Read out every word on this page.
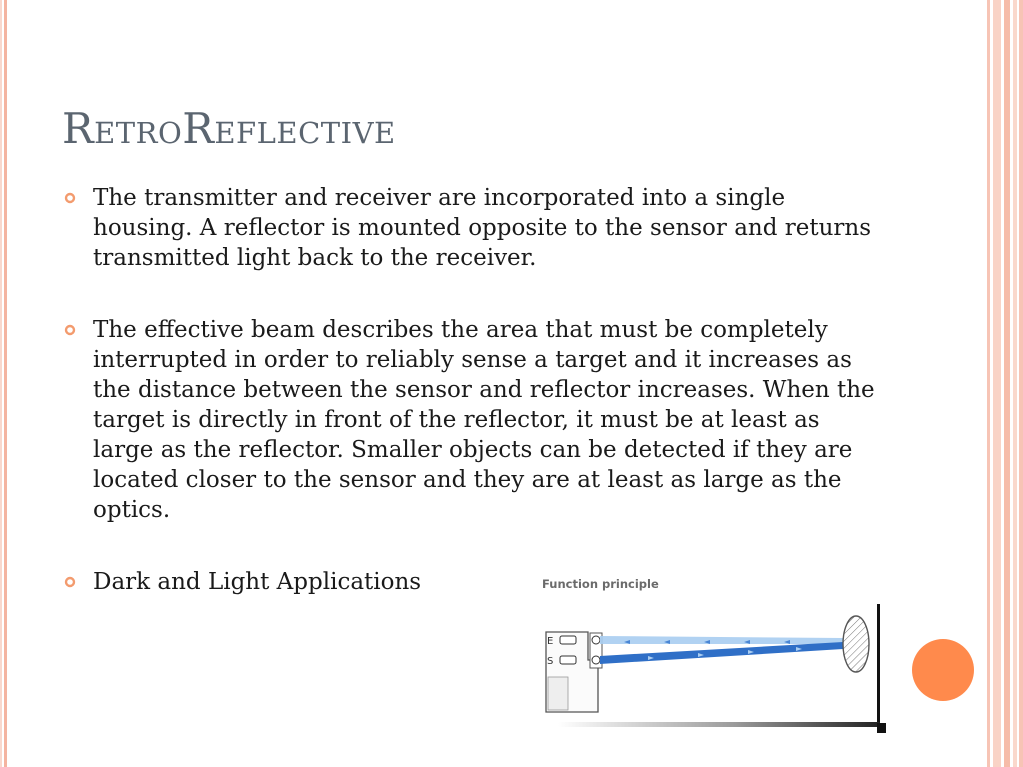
RetroReflective
The transmitter and receiver are incorporated into a single housing. A reflector is mounted opposite to the sensor and returns transmitted light back to the receiver.
The effective beam describes the area that must be completely interrupted in order to reliably sense a target and it increases as the distance between the sensor and reflector increases. When the target is directly in front of the reflector, it must be at least as large as the reflector. Smaller objects can be detected if they are located closer to the sensor and they are at least as large as the optics.
Dark and Light Applications
E
S
Function principle
